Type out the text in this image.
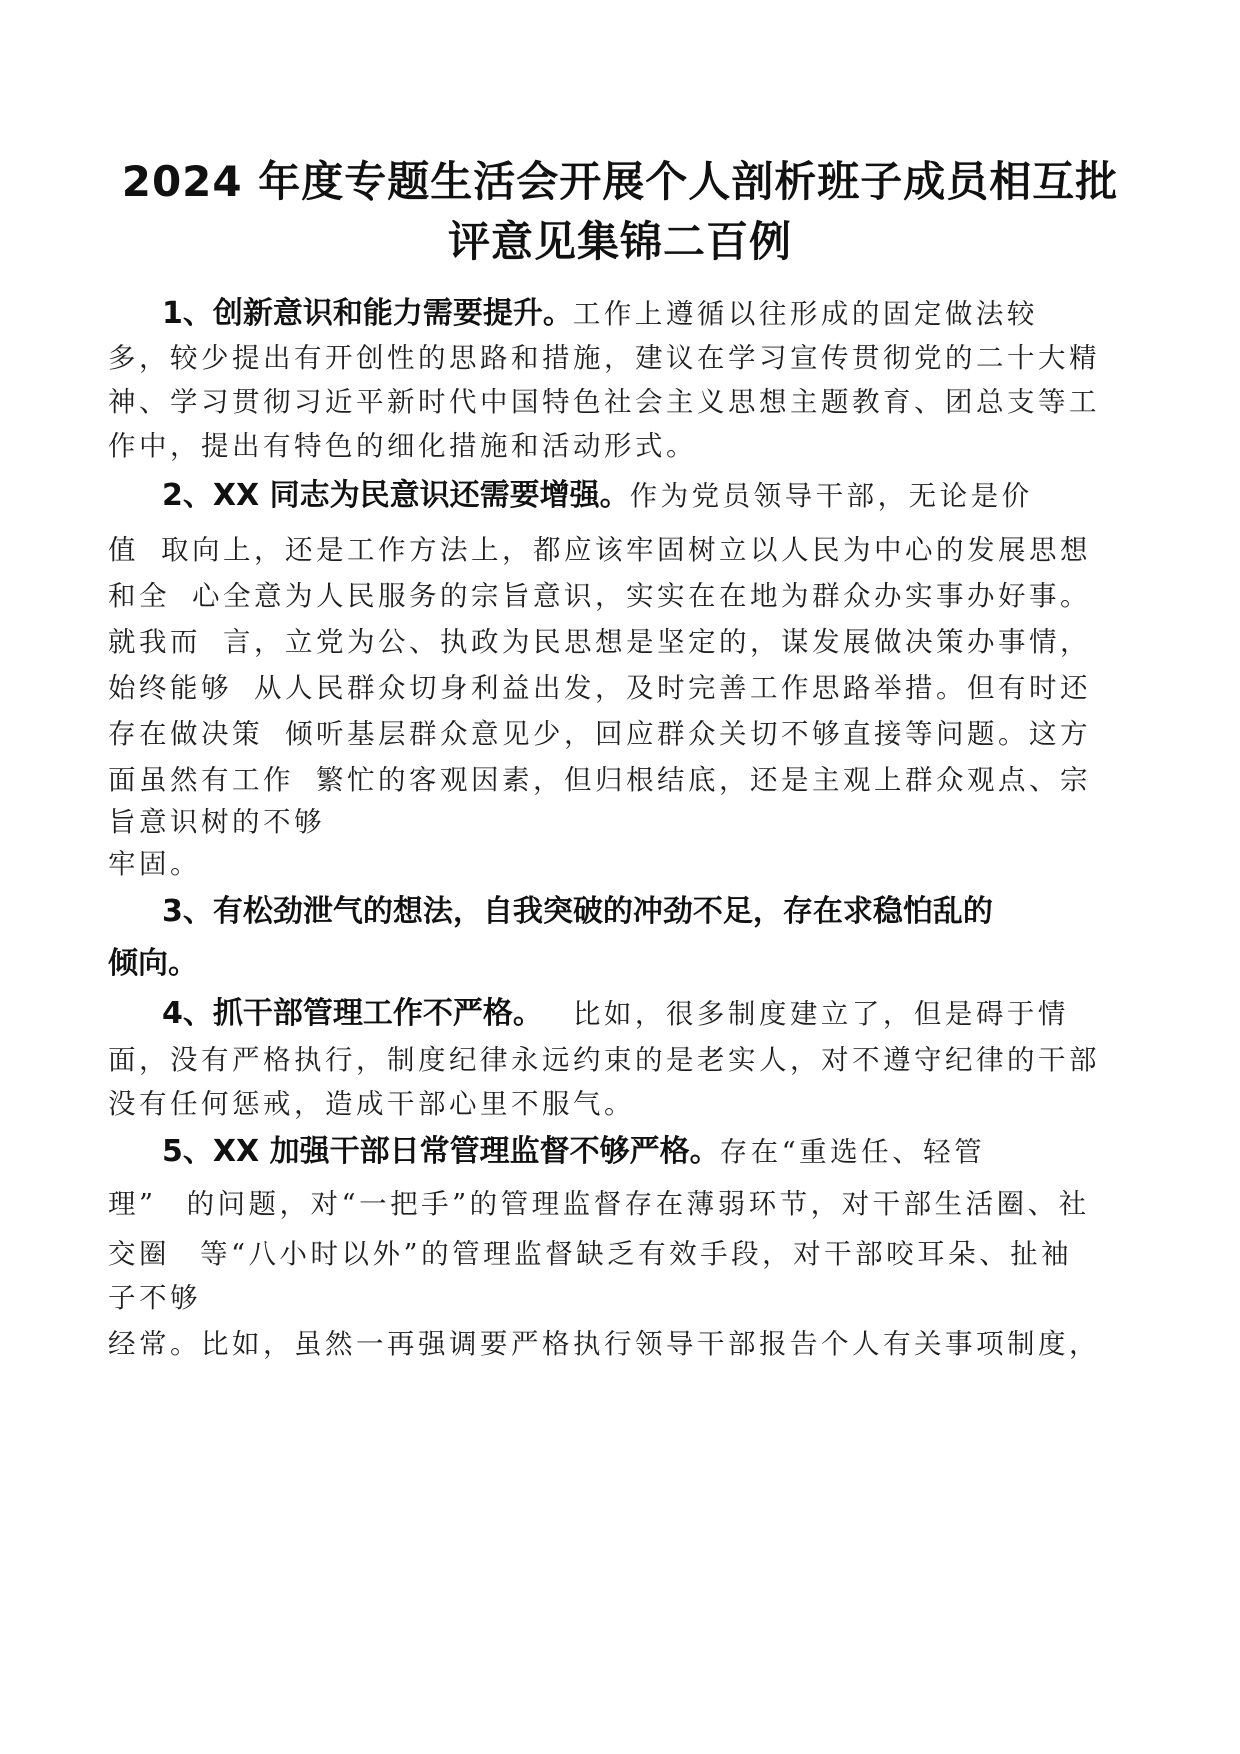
2024 年度专题生活会开展个人剖析班子成员相互批
评意见集锦二百例
1、创新意识和能力需要提升。工作上遵循以往形成的固定做法较
多，较少提出有开创性的思路和措施，建议在学习宣传贯彻党的二十大精
神、学习贯彻习近平新时代中国特色社会主义思想主题教育、团总支等工
作中，提出有特色的细化措施和活动形式。
2、XX 同志为民意识还需要增强。作为党员领导干部，无论是价
值 取向上，还是工作方法上，都应该牢固树立以人民为中心的发展思想
和全 心全意为人民服务的宗旨意识，实实在在地为群众办实事办好事。
就我而 言，立党为公、执政为民思想是坚定的，谋发展做决策办事情，
始终能够 从人民群众切身利益出发，及时完善工作思路举措。但有时还
存在做决策 倾听基层群众意见少，回应群众关切不够直接等问题。这方
面虽然有工作 繁忙的客观因素，但归根结底，还是主观上群众观点、宗
旨意识树的不够
牢固。
3、有松劲泄气的想法，自我突破的冲劲不足，存在求稳怕乱的
倾向。
4、抓干部管理工作不严格。 比如，很多制度建立了，但是碍于情
面，没有严格执行，制度纪律永远约束的是老实人，对不遵守纪律的干部
没有任何惩戒，造成干部心里不服气。
5、XX 加强干部日常管理监督不够严格。存在“重选任、轻管
理” 的问题，对“一把手”的管理监督存在薄弱环节，对干部生活圈、社
交圈 等“八小时以外”的管理监督缺乏有效手段，对干部咬耳朵、扯袖
子不够
经常。比如，虽然一再强调要严格执行领导干部报告个人有关事项制度，
